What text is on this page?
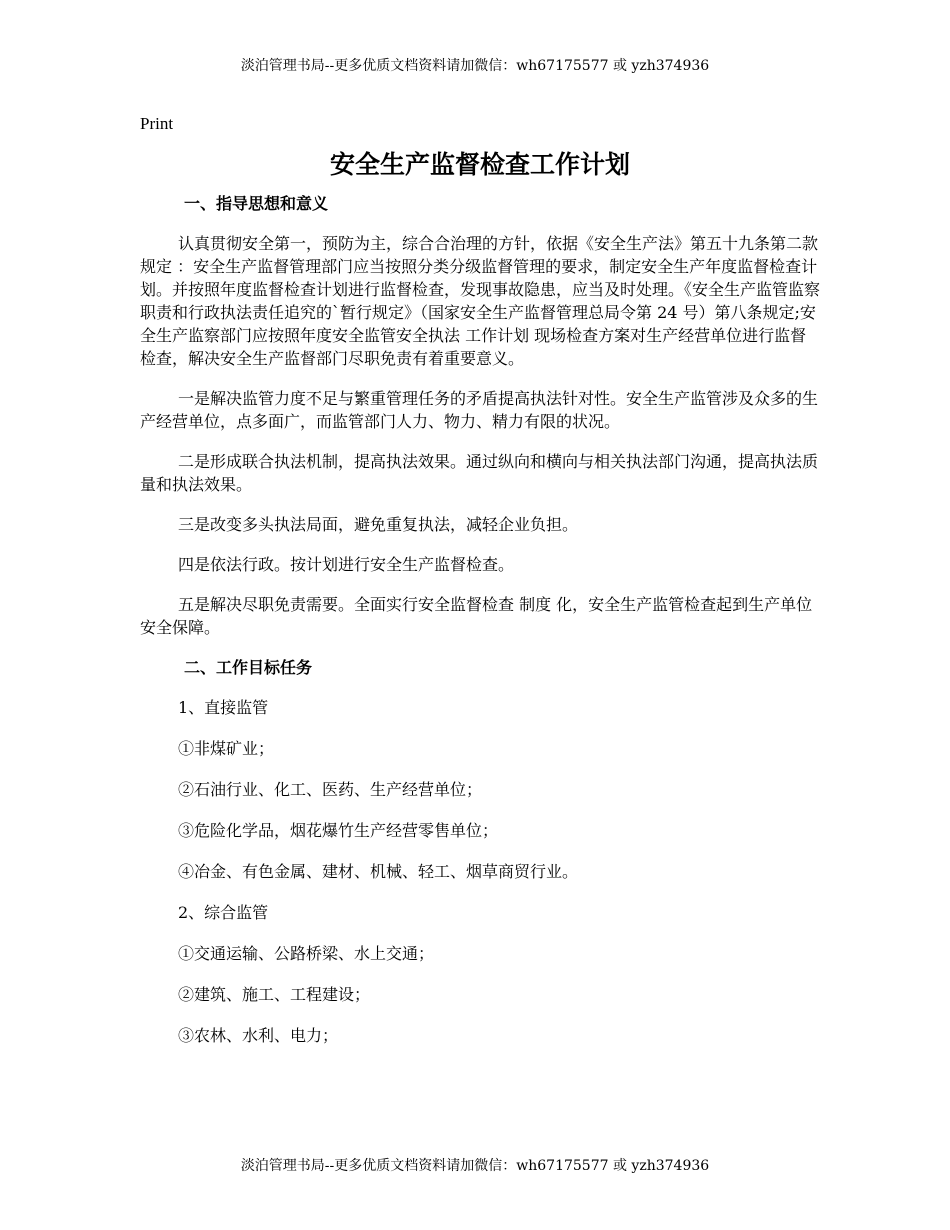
淡泊管理书局--更多优质文档资料请加微信：wh67175577 或 yzh374936
Print
安全生产监督检查工作计划
一、指导思想和意义

认真贯彻安全第一，预防为主，综合合治理的方针，依据《安全生产法》第五十九条第二款 规定 ：安全生产监督管理部门应当按照分类分级监督管理的要求，制定安全生产年度监督检查计划。并按照年度监督检查计划进行监督检查，发现事故隐患，应当及时处理。《安全生产监管监察职责和行政执法责任追究的`暂行规定》（国家安全生产监督管理总局令第 24 号）第八条规定;安全生产监察部门应按照年度安全监管安全执法 工作计划 现场检查方案对生产经营单位进行监督检查，解决安全生产监督部门尽职免责有着重要意义。

一是解决监管力度不足与繁重管理任务的矛盾提高执法针对性。安全生产监管涉及众多的生产经营单位，点多面广，而监管部门人力、物力、精力有限的状况。

二是形成联合执法机制，提高执法效果。通过纵向和横向与相关执法部门沟通，提高执法质量和执法效果。

三是改变多头执法局面，避免重复执法，减轻企业负担。

四是依法行政。按计划进行安全生产监督检查。

五是解决尽职免责需要。全面实行安全监督检查 制度 化，安全生产监管检查起到生产单位安全保障。

二、工作目标任务

1、直接监管

①非煤矿业；

②石油行业、化工、医药、生产经营单位；

③危险化学品，烟花爆竹生产经营零售单位；

④冶金、有色金属、建材、机械、轻工、烟草商贸行业。

2、综合监管

①交通运输、公路桥梁、水上交通；

②建筑、施工、工程建设；

③农林、水利、电力；

淡泊管理书局--更多优质文档资料请加微信：wh67175577 或 yzh374936
